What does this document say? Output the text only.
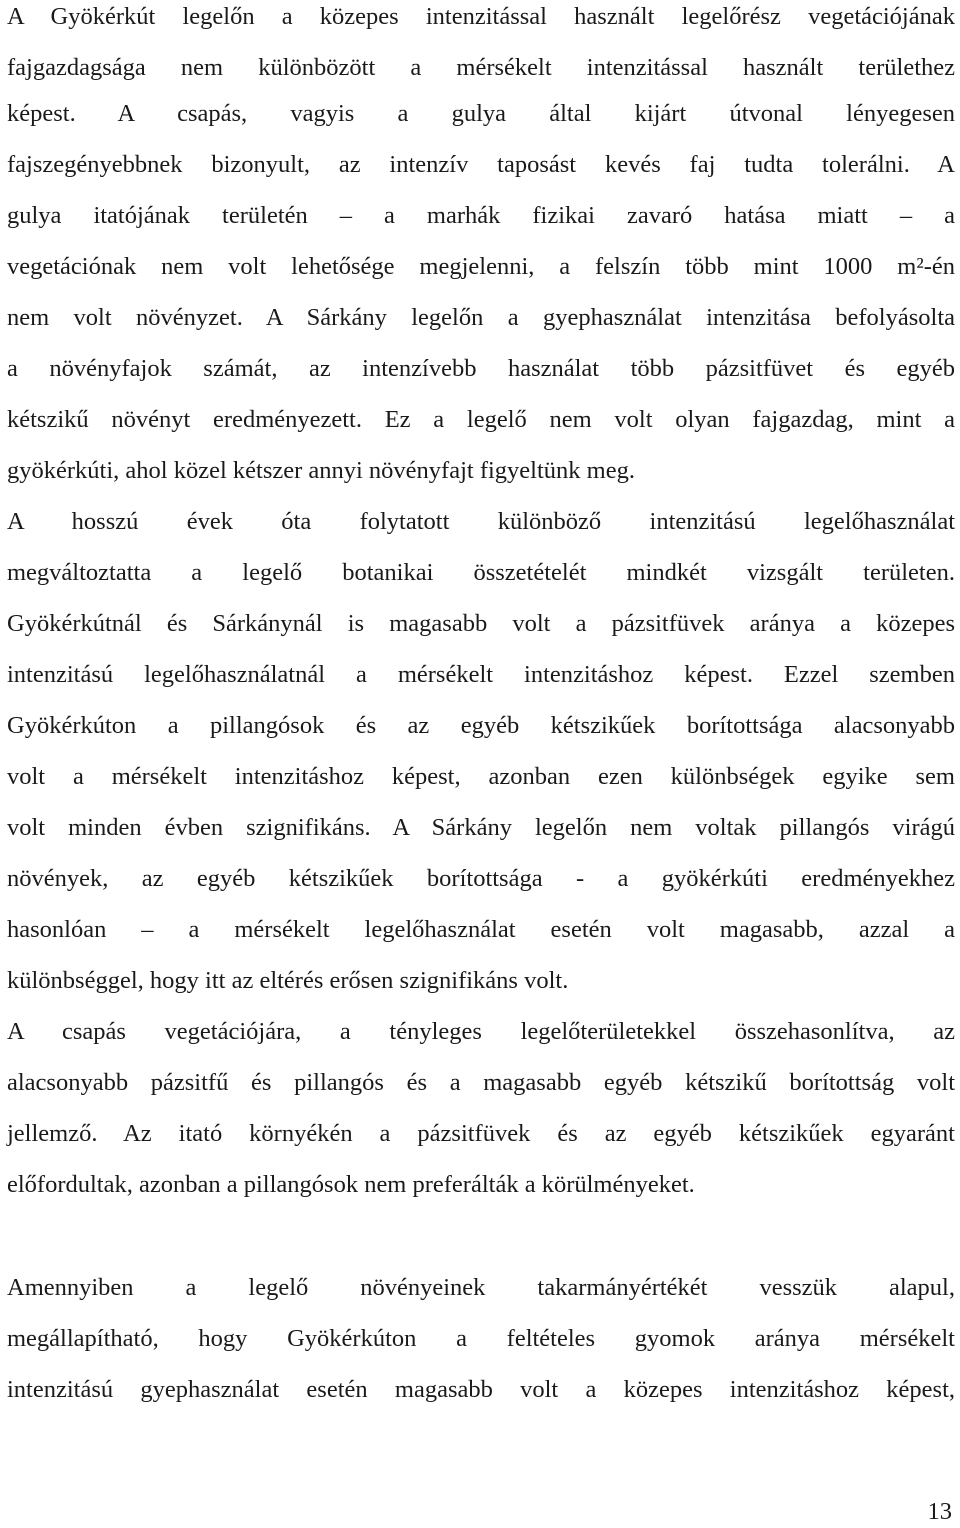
A Gyökérkút legelőn a közepes intenzitással használt legelőrész vegetációjának
fajgazdagsága nem különbözött a mérsékelt intenzitással használt területhez
képest. A csapás, vagyis a gulya által kijárt útvonal lényegesen
fajszegényebbnek bizonyult, az intenzív taposást kevés faj tudta tolerálni. A
gulya itatójának területén – a marhák fizikai zavaró hatása miatt – a
vegetációnak nem volt lehetősége megjelenni, a felszín több mint 1000 m²-én
nem volt növényzet. A Sárkány legelőn a gyephasználat intenzitása befolyásolta
a növényfajok számát, az intenzívebb használat több pázsitfüvet és egyéb
kétszikű növényt eredményezett. Ez a legelő nem volt olyan fajgazdag, mint a
gyökérkúti, ahol közel kétszer annyi növényfajt figyeltünk meg.
A hosszú évek óta folytatott különböző intenzitású legelőhasználat
megváltoztatta a legelő botanikai összetételét mindkét vizsgált területen.
Gyökérkútnál és Sárkánynál is magasabb volt a pázsitfüvek aránya a közepes
intenzitású legelőhasználatnál a mérsékelt intenzitáshoz képest. Ezzel szemben
Gyökérkúton a pillangósok és az egyéb kétszikűek borítottsága alacsonyabb
volt a mérsékelt intenzitáshoz képest, azonban ezen különbségek egyike sem
volt minden évben szignifikáns. A Sárkány legelőn nem voltak pillangós virágú
növények, az egyéb kétszikűek borítottsága - a gyökérkúti eredményekhez
hasonlóan – a mérsékelt legelőhasználat esetén volt magasabb, azzal a
különbséggel, hogy itt az eltérés erősen szignifikáns volt.
A csapás vegetációjára, a tényleges legelőterületekkel összehasonlítva, az
alacsonyabb pázsitfű és pillangós és a magasabb egyéb kétszikű borítottság volt
jellemző. Az itató környékén a pázsitfüvek és az egyéb kétszikűek egyaránt
előfordultak, azonban a pillangósok nem preferálták a körülményeket.
Amennyiben a legelő növényeinek takarmányértékét vesszük alapul,
megállapítható, hogy Gyökérkúton a feltételes gyomok aránya mérsékelt
intenzitású gyephasználat esetén magasabb volt a közepes intenzitáshoz képest,
13
